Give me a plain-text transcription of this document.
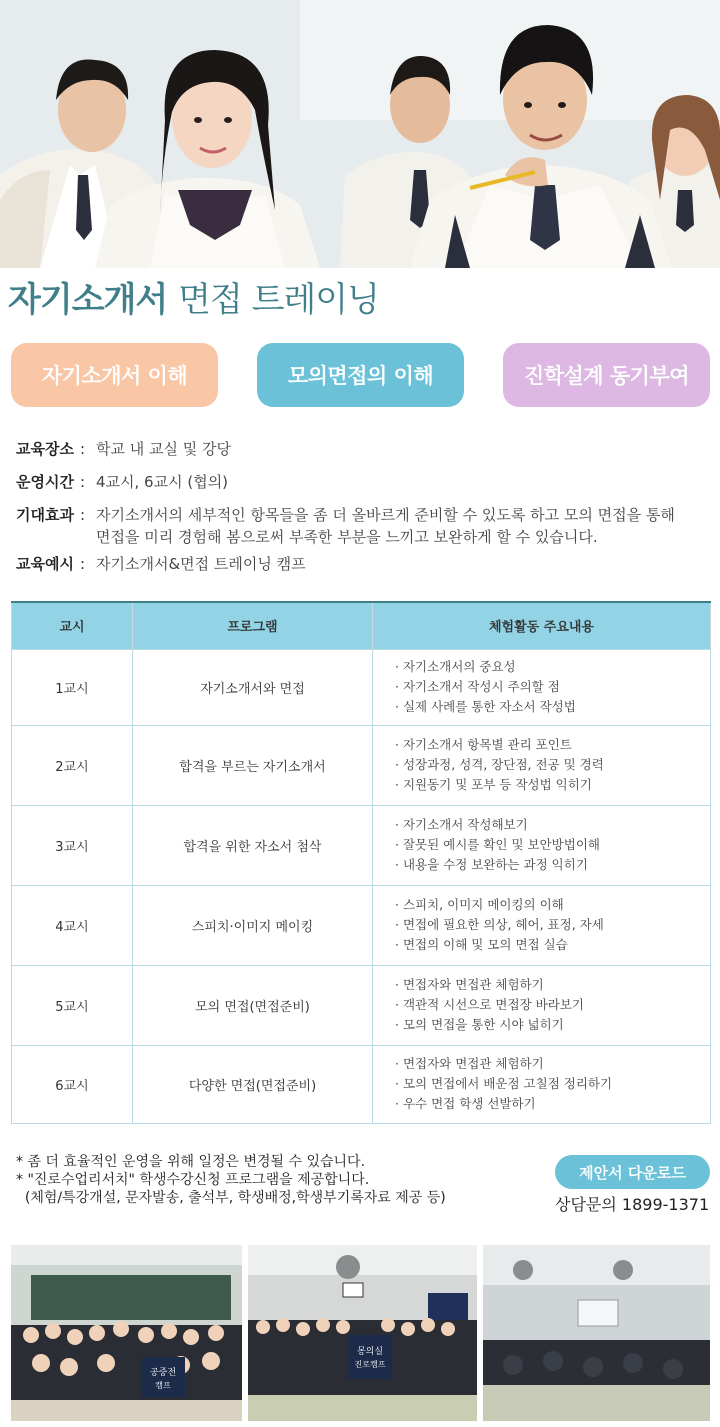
자기소개서 면접 트레이닝
자기소개서 이해	모의면접의 이해	진학설계 동기부여
교육장소 : 학교 내 교실 및 강당
운영시간 : 4교시, 6교시 (협의)
기대효과 : 자기소개서의 세부적인 항목들을 좀 더 올바르게 준비할 수 있도록 하고 모의 면접을 통해
면접을 미리 경험해 봄으로써 부족한 부분을 느끼고 보완하게 할 수 있습니다.
교육예시 : 자기소개서&면접 트레이닝 캠프
교시	프로그램	체험활동 주요내용
1교시	자기소개서와 면접	· 자기소개서의 중요성
· 자기소개서 작성시 주의할 점
· 실제 사례를 통한 자소서 작성법

2교시	합격을 부르는 자기소개서	· 자기소개서 항목별 관리 포인트
· 성장과정, 성격, 장단점, 전공 및 경력
· 지원동기 및 포부 등 작성법 익히기

3교시	합격을 위한 자소서 첨삭	· 자기소개서 작성해보기
· 잘못된 예시를 확인 및 보안방법이해
· 내용을 수정 보완하는 과정 익히기

4교시	스피치·이미지 메이킹	· 스피치, 이미지 메이킹의 이해
· 면접에 필요한 의상, 헤어, 표정, 자세
· 면접의 이해 및 모의 면접 실습

5교시	모의 면접(면접준비)	· 면접자와 면접관 체험하기
· 객관적 시선으로 면접장 바라보기
· 모의 면접을 통한 시야 넓히기

6교시	다양한 면접(면접준비)	· 면접자와 면접관 체험하기
· 모의 면접에서 배운점 고칠점 정리하기
· 우수 면접 학생 선발하기
* 좀 더 효율적인 운영을 위해 일정은 변경될 수 있습니다.
* "진로수업리서치" 학생수강신청 프로그램을 제공합니다.
(체험/특강개설, 문자발송, 출석부, 학생배정,학생부기록자료 제공 등)
제안서 다운로드
상담문의 1899-1371
공중전
캠프
몽의실
진로캠프
